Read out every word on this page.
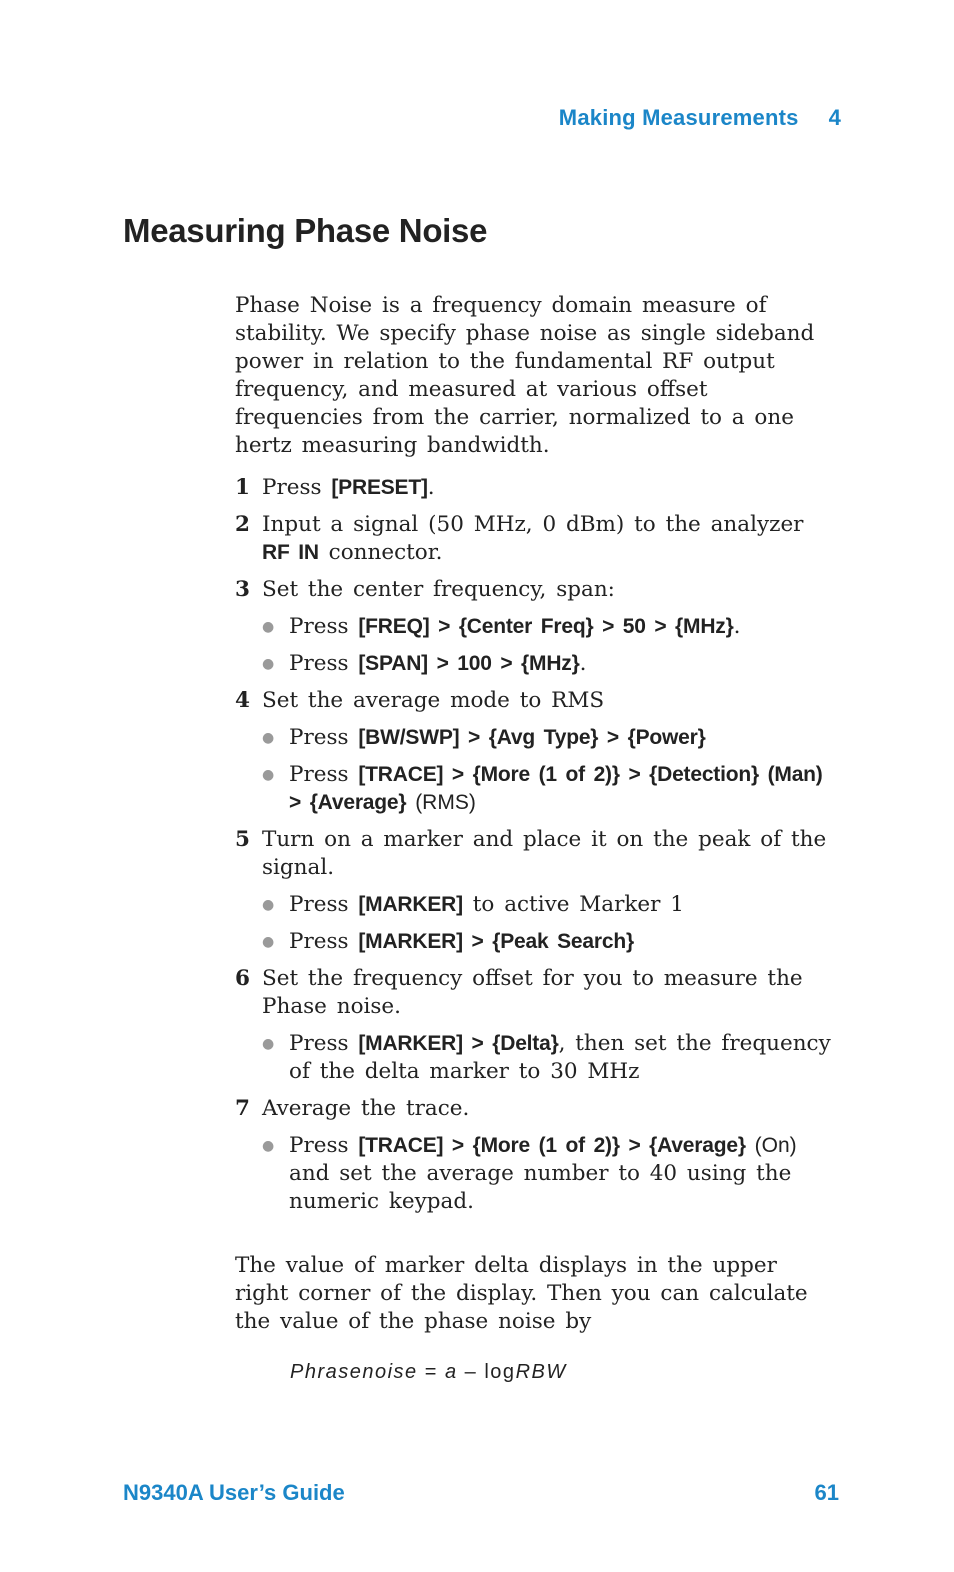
Making Measurements 4
Measuring Phase Noise

Phase Noise is a frequency domain measure of stability. We specify phase noise as single sideband power in relation to the fundamental RF output frequency, and measured at various offset frequencies from the carrier, normalized to a one hertz measuring bandwidth.

1 Press [PRESET].
2 Input a signal (50 MHz, 0 dBm) to the analyzer RF IN connector.
3 Set the center frequency, span:
● Press [FREQ] > {Center Freq} > 50 > {MHz}.
● Press [SPAN] > 100 > {MHz}.
4 Set the average mode to RMS
● Press [BW/SWP] > {Avg Type} > {Power}
● Press [TRACE] > {More (1 of 2)} > {Detection} (Man) > {Average} (RMS)
5 Turn on a marker and place it on the peak of the signal.
● Press [MARKER] to active Marker 1
● Press [MARKER] > {Peak Search}
6 Set the frequency offset for you to measure the Phase noise.
● Press [MARKER] > {Delta}, then set the frequency of the delta marker to 30 MHz
7 Average the trace.
● Press [TRACE] > {More (1 of 2)} > {Average} (On) and set the average number to 40 using the numeric keypad.

The value of marker delta displays in the upper right corner of the display. Then you can calculate the value of the phase noise by

Phrasenoise = a – logRBW
N9340A User’s Guide	61
